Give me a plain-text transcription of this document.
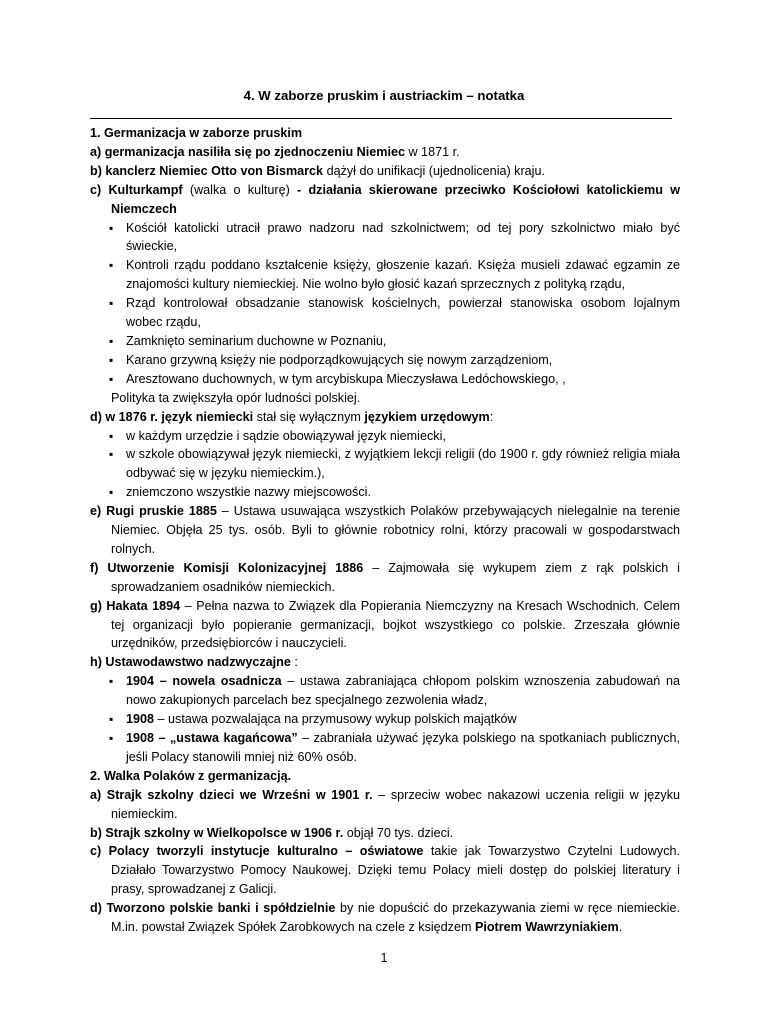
4. W zaborze pruskim i austriackim – notatka

1. Germanizacja w zaborze pruskim

a) germanizacja nasiliła się po zjednoczeniu Niemiec w 1871 r.

b) kanclerz Niemiec Otto von Bismarck dążył do unifikacji (ujednolicenia) kraju.

c) Kulturkampf (walka o kulturę) - działania skierowane przeciwko Kościołowi katolickiemu w Niemczech

▪ Kościół katolicki utracił prawo nadzoru nad szkolnictwem; od tej pory szkolnictwo miało być świeckie,
▪ Kontroli rządu poddano kształcenie księży, głoszenie kazań. Księża musieli zdawać egzamin ze znajomości kultury niemieckiej. Nie wolno było głosić kazań sprzecznych z polityką rządu,
▪ Rząd kontrolował obsadzanie stanowisk kościelnych, powierzał stanowiska osobom lojalnym wobec rządu,
▪ Zamknięto seminarium duchowne w Poznaniu,
▪ Karano grzywną księży nie podporządkowujących się nowym zarządzeniom,
▪ Aresztowano duchownych, w tym arcybiskupa Mieczysława Ledóchowskiego, ,

Polityka ta zwiększyła opór ludności polskiej.

d) w 1876 r. język niemiecki stał się wyłącznym językiem urzędowym:

▪ w każdym urzędzie i sądzie obowiązywał język niemiecki,
▪ w szkole obowiązywał język niemiecki, z wyjątkiem lekcji religii (do 1900 r. gdy również religia miała odbywać się w języku niemieckim.),
▪ zniemczono wszystkie nazwy miejscowości.

e) Rugi pruskie 1885 – Ustawa usuwająca wszystkich Polaków przebywających nielegalnie na terenie Niemiec. Objęła 25 tys. osób. Byli to głównie robotnicy rolni, którzy pracowali w gospodarstwach rolnych.

f) Utworzenie Komisji Kolonizacyjnej 1886 – Zajmowała się wykupem ziem z rąk polskich i sprowadzaniem osadników niemieckich.

g) Hakata 1894 – Pełna nazwa to Związek dla Popierania Niemczyzny na Kresach Wschodnich. Celem tej organizacji było popieranie germanizacji, bojkot wszystkiego co polskie. Zrzeszała głównie urzędników, przedsiębiorców i nauczycieli.

h) Ustawodawstwo nadzwyczajne :

▪ 1904 – nowela osadnicza – ustawa zabraniająca chłopom polskim wznoszenia zabudowań na nowo zakupionych parcelach bez specjalnego zezwolenia władz,
▪ 1908 – ustawa pozwalająca na przymusowy wykup polskich majątków
▪ 1908 – „ustawa kagańcowa” – zabraniała używać języka polskiego na spotkaniach publicznych, jeśli Polacy stanowili mniej niż 60% osób.

2. Walka Polaków z germanizacją.

a) Strajk szkolny dzieci we Wrześni w 1901 r. – sprzeciw wobec nakazowi uczenia religii w języku niemieckim.

b) Strajk szkolny w Wielkopolsce w 1906 r. objął 70 tys. dzieci.

c) Polacy tworzyli instytucje kulturalno – oświatowe takie jak Towarzystwo Czytelni Ludowych. Działało Towarzystwo Pomocy Naukowej. Dzięki temu Polacy mieli dostęp do polskiej literatury i prasy, sprowadzanej z Galicji.

d) Tworzono polskie banki i spółdzielnie by nie dopuścić do przekazywania ziemi w ręce niemieckie. M.in. powstał Związek Spółek Zarobkowych na czele z księdzem Piotrem Wawrzyniakiem.

1
